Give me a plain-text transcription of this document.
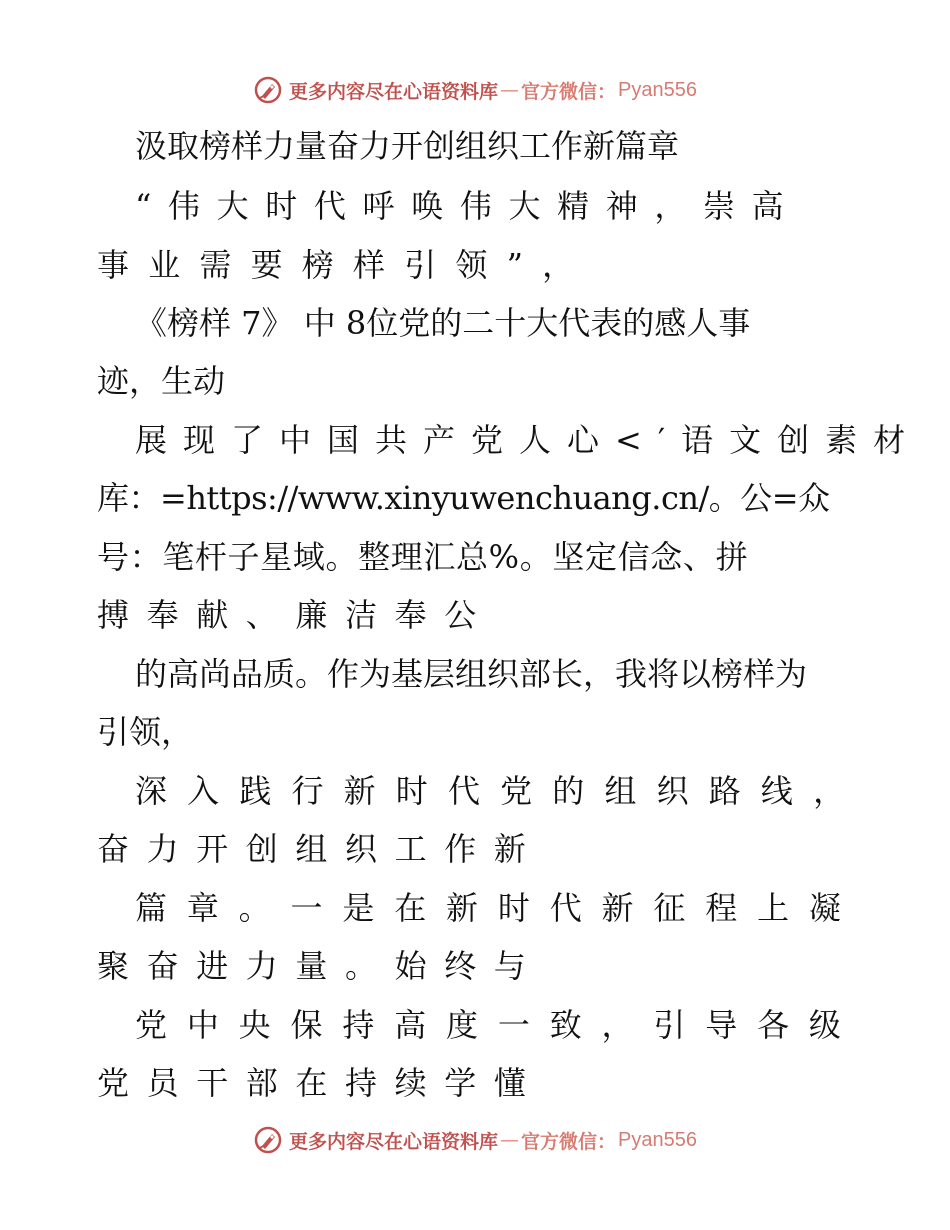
更多内容尽在心语资料库 — 官方微信： Pyan556
汲取榜样力量奋力开创组织工作新篇章
“伟大时代呼唤伟大精神，崇高
事业需要榜样引领”，
《榜样 7》 中 8位党的二十大代表的感人事
迹，生动
展现了中国共产党人心<′语文创素材
库：=https://www.xinyuwenchuang.cn/。公=众
号：笔杆子星域。整理汇总%。坚定信念、拼
搏奉献、廉洁奉公
的高尚品质。作为基层组织部长，我将以榜样为
引领，
深入践行新时代党的组织路线，
奋力开创组织工作新
篇章。一是在新时代新征程上凝
聚奋进力量。始终与
党中央保持高度一致，引导各级
党员干部在持续学懂
更多内容尽在心语资料库 — 官方微信： Pyan556
